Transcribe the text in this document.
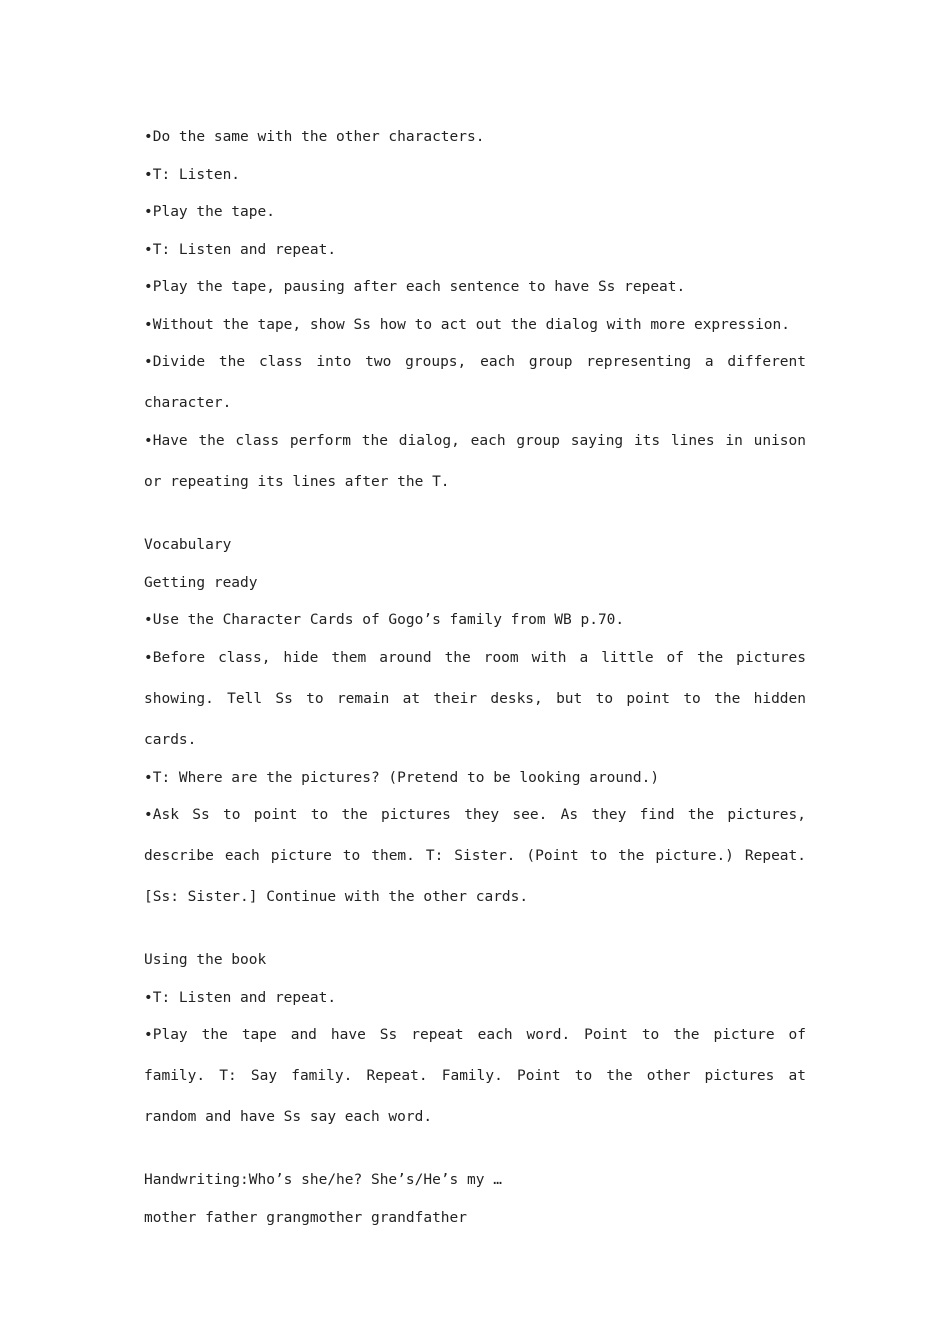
•Do the same with the other characters.
•T: Listen.
•Play the tape.
•T: Listen and repeat.
•Play the tape, pausing after each sentence to have Ss repeat.
•Without the tape, show Ss how to act out the dialog with more expression.
•Divide the class into two groups, each group representing a different character.
•Have the class perform the dialog, each group saying its lines in unison or repeating its lines after the T.
Vocabulary
Getting ready
•Use the Character Cards of Gogo’s family from WB p.70.
•Before class, hide them around the room with a little of the pictures showing. Tell Ss to remain at their desks, but to point to the hidden cards.
•T: Where are the pictures? (Pretend to be looking around.)
•Ask Ss to point to the pictures they see. As they find the pictures, describe each picture to them. T: Sister. (Point to the picture.) Repeat. [Ss: Sister.] Continue with the other cards.
Using the book
•T: Listen and repeat.
•Play the tape and have Ss repeat each word. Point to the picture of family. T: Say family. Repeat. Family. Point to the other pictures at random and have Ss say each word.
Handwriting:Who’s she/he? She’s/He’s my …
mother father grangmother grandfather
